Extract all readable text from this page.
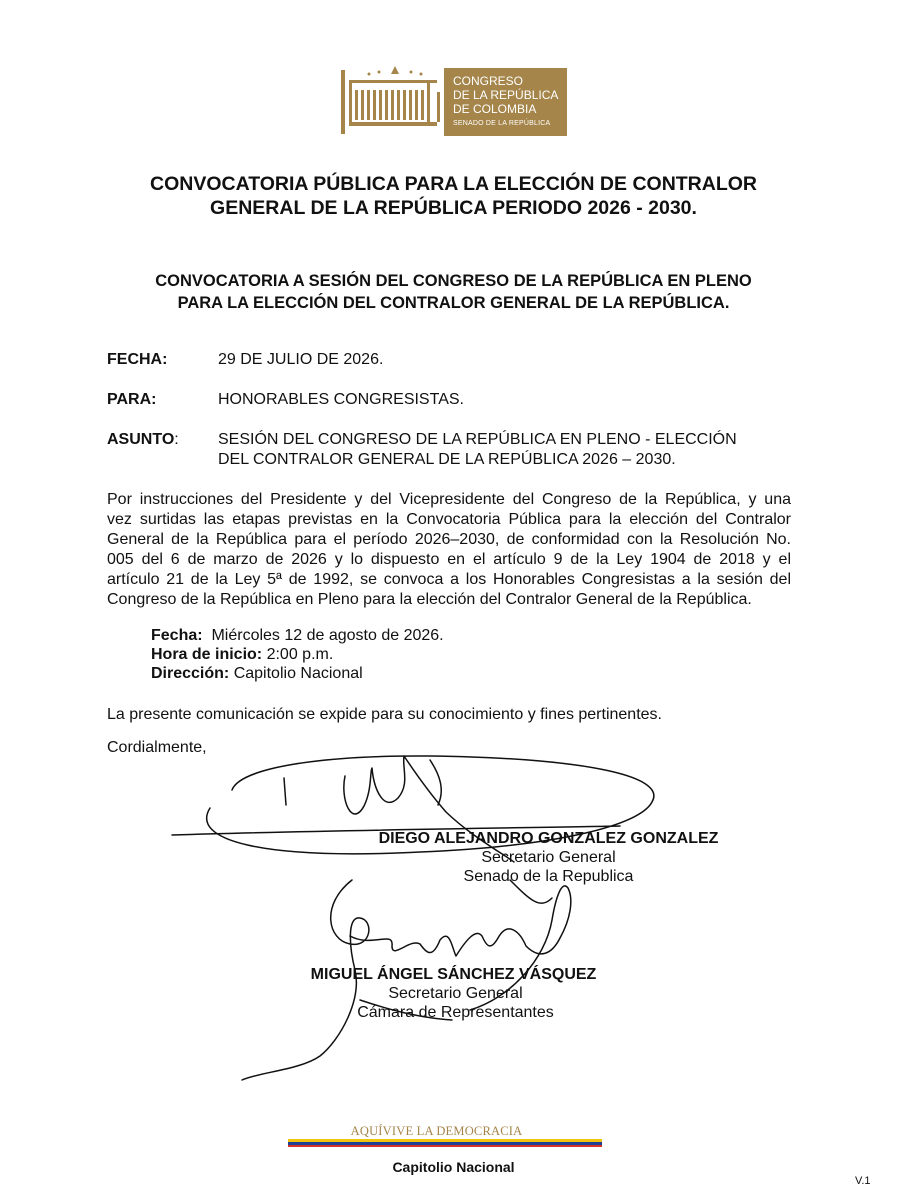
CONGRESO
DE LA REPÚBLICA
DE COLOMBIA
SENADO DE LA REPÚBLICA
CONVOCATORIA PÚBLICA PARA LA ELECCIÓN DE CONTRALOR
GENERAL DE LA REPÚBLICA PERIODO 2026 - 2030.
CONVOCATORIA A SESIÓN DEL CONGRESO DE LA REPÚBLICA EN PLENO
PARA LA ELECCIÓN DEL CONTRALOR GENERAL DE LA REPÚBLICA.
FECHA:	29 DE JULIO DE 2026.
PARA:	HONORABLES CONGRESISTAS.
ASUNTO: SESIÓN DEL CONGRESO DE LA REPÚBLICA EN PLENO - ELECCIÓN
DEL CONTRALOR GENERAL DE LA REPÚBLICA 2026 – 2030.
Por instrucciones del Presidente y del Vicepresidente del Congreso de la República, y una
vez surtidas las etapas previstas en la Convocatoria Pública para la elección del Contralor
General de la República para el período 2026–2030, de conformidad con la Resolución No.
005 del 6 de marzo de 2026 y lo dispuesto en el artículo 9 de la Ley 1904 de 2018 y el
artículo 21 de la Ley 5ª de 1992, se convoca a los Honorables Congresistas a la sesión del
Congreso de la República en Pleno para la elección del Contralor General de la República.
Fecha: Miércoles 12 de agosto de 2026.
Hora de inicio: 2:00 p.m.
Dirección: Capitolio Nacional
La presente comunicación se expide para su conocimiento y fines pertinentes.
Cordialmente,
DIEGO ALEJANDRO GONZALEZ GONZALEZ
Secretario General
Senado de la Republica
MIGUEL ÁNGEL SÁNCHEZ VÁSQUEZ
Secretario General
Cámara de Representantes
AQUÍVIVE LA DEMOCRACIA
Capitolio Nacional
V.1
